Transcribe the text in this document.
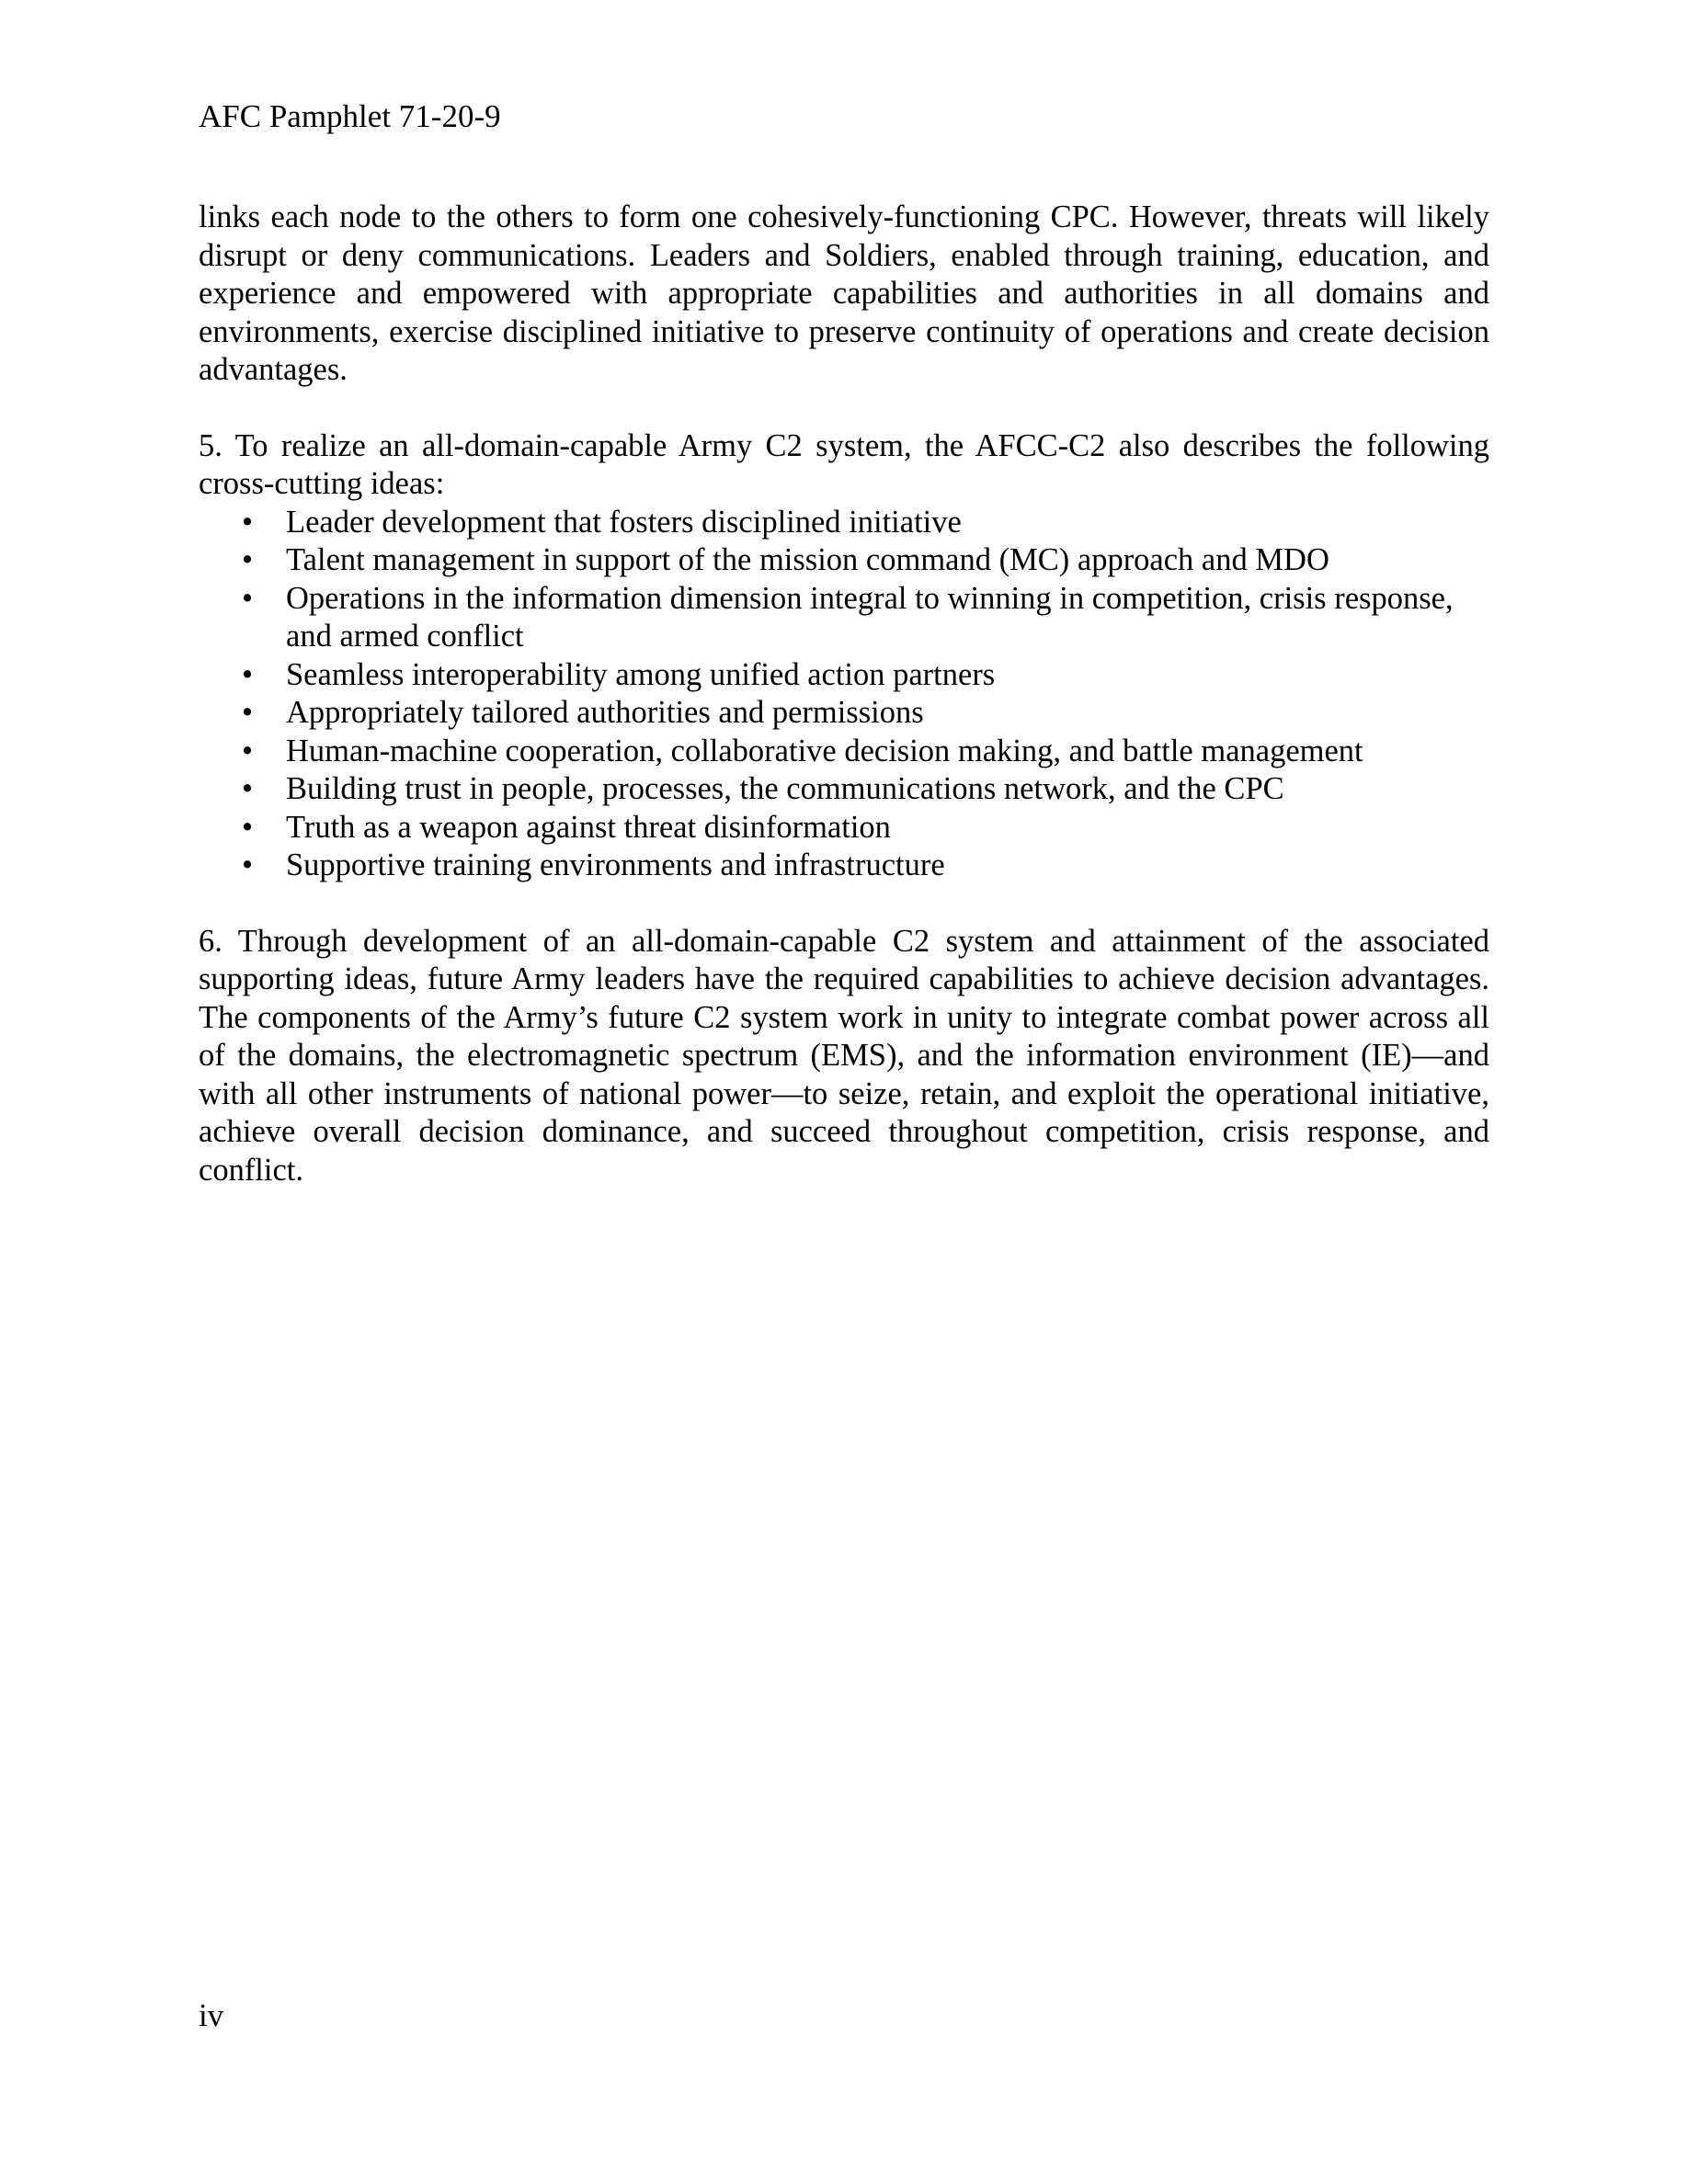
AFC Pamphlet 71-20-9

links each node to the others to form one cohesively-functioning CPC. However, threats will likely disrupt or deny communications. Leaders and Soldiers, enabled through training, education, and experience and empowered with appropriate capabilities and authorities in all domains and environments, exercise disciplined initiative to preserve continuity of operations and create decision advantages.

5. To realize an all-domain-capable Army C2 system, the AFCC-C2 also describes the following cross-cutting ideas:

• Leader development that fosters disciplined initiative
• Talent management in support of the mission command (MC) approach and MDO
• Operations in the information dimension integral to winning in competition, crisis response, and armed conflict
• Seamless interoperability among unified action partners
• Appropriately tailored authorities and permissions
• Human-machine cooperation, collaborative decision making, and battle management
• Building trust in people, processes, the communications network, and the CPC
• Truth as a weapon against threat disinformation
• Supportive training environments and infrastructure

6. Through development of an all-domain-capable C2 system and attainment of the associated supporting ideas, future Army leaders have the required capabilities to achieve decision advantages. The components of the Army’s future C2 system work in unity to integrate combat power across all of the domains, the electromagnetic spectrum (EMS), and the information environment (IE)—and with all other instruments of national power—to seize, retain, and exploit the operational initiative, achieve overall decision dominance, and succeed throughout competition, crisis response, and conflict.

iv
